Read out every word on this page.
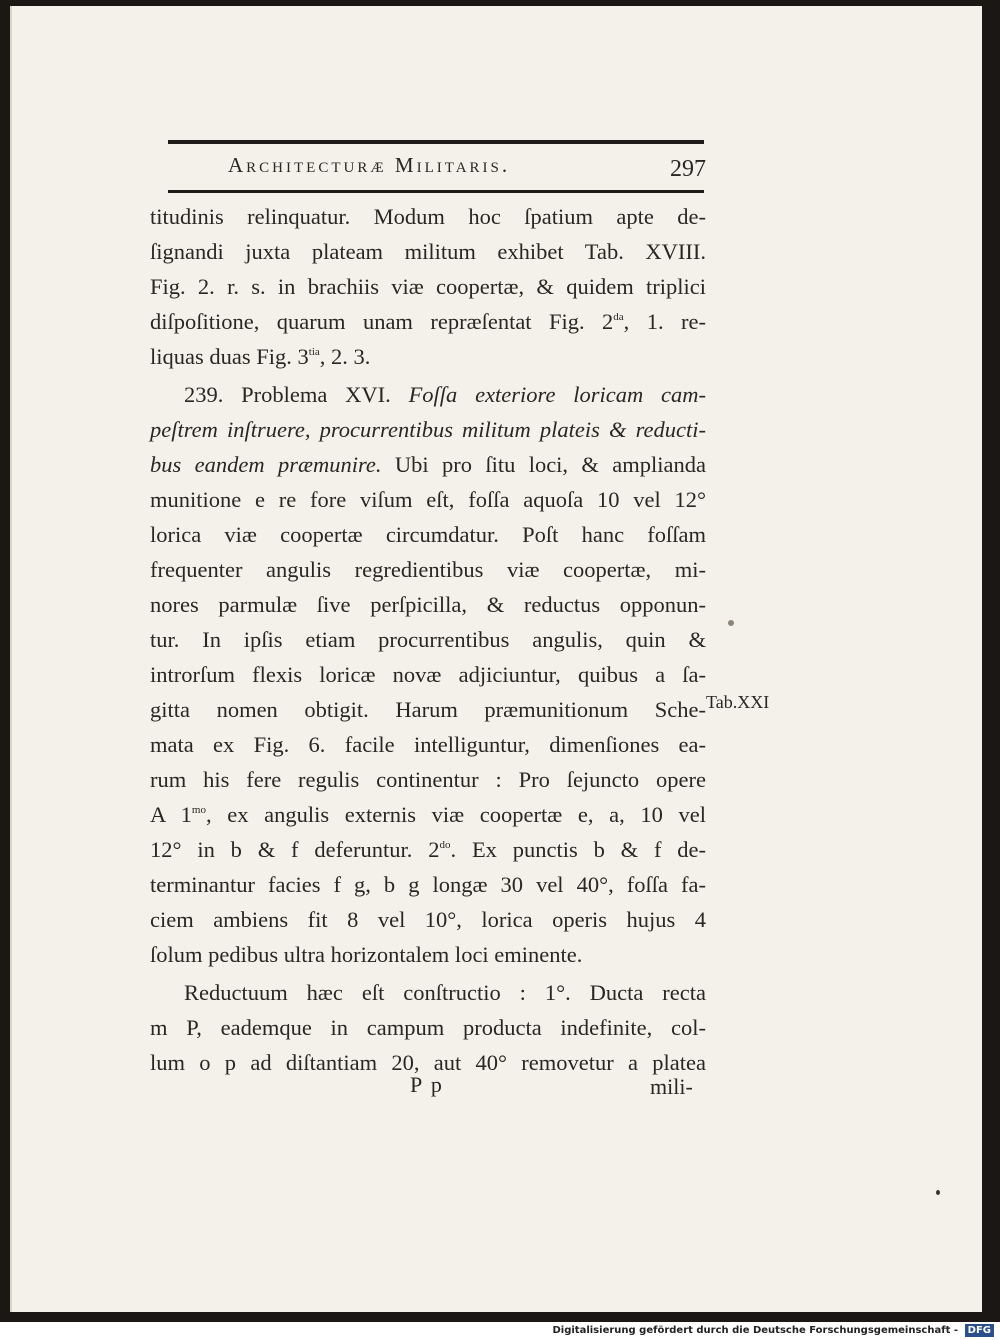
Architecturæ Militaris.	297
titudinis relinquatur. Modum hoc ſpatium apte de-
ſignandi juxta plateam militum exhibet Tab. XVIII.
Fig. 2. r. s. in brachiis viæ coopertæ, & quidem triplici
diſpoſitione, quarum unam repræſentat Fig. $2^{da}$, 1. re-
liquas duas Fig. $3^{tia}$, 2. 3.
239. Problema XVI. Foſſa exteriore loricam cam-
peſtrem inſtruere, procurrentibus militum plateis & reducti-
bus eandem præmunire. Ubi pro ſitu loci, & amplianda
munitione e re fore viſum eſt, foſſa aquoſa 10 vel 12°
lorica viæ coopertæ circumdatur. Poſt hanc foſſam
frequenter angulis regredientibus viæ coopertæ, mi-
nores parmulæ ſive perſpicilla, & reductus opponun-
tur. In ipſis etiam procurrentibus angulis, quin &
introrſum flexis loricæ novæ adjiciuntur, quibus a ſa-
gitta nomen obtigit. Harum præmunitionum Sche-
mata ex Fig. 6. facile intelliguntur, dimenſiones ea-
rum his fere regulis continentur : Pro ſejuncto opere
A $1^{mo}$, ex angulis externis viæ coopertæ e, a, 10 vel
12° in b & f deferuntur. $2^{do}$. Ex punctis b & f de-
terminantur facies f g, b g longæ 30 vel 40°, foſſa fa-
ciem ambiens fit 8 vel 10°, lorica operis hujus 4
ſolum pedibus ultra horizontalem loci eminente.
Reductuum hæc eſt conſtructio : 1°. Ducta recta
m P, eademque in campum producta indefinite, col-
lum o p ad diſtantiam 20, aut 40° removetur a platea
Tab.XXI
P p	mili-
Digitalisierung gefördert durch die Deutsche Forschungsgemeinschaft - DFG
